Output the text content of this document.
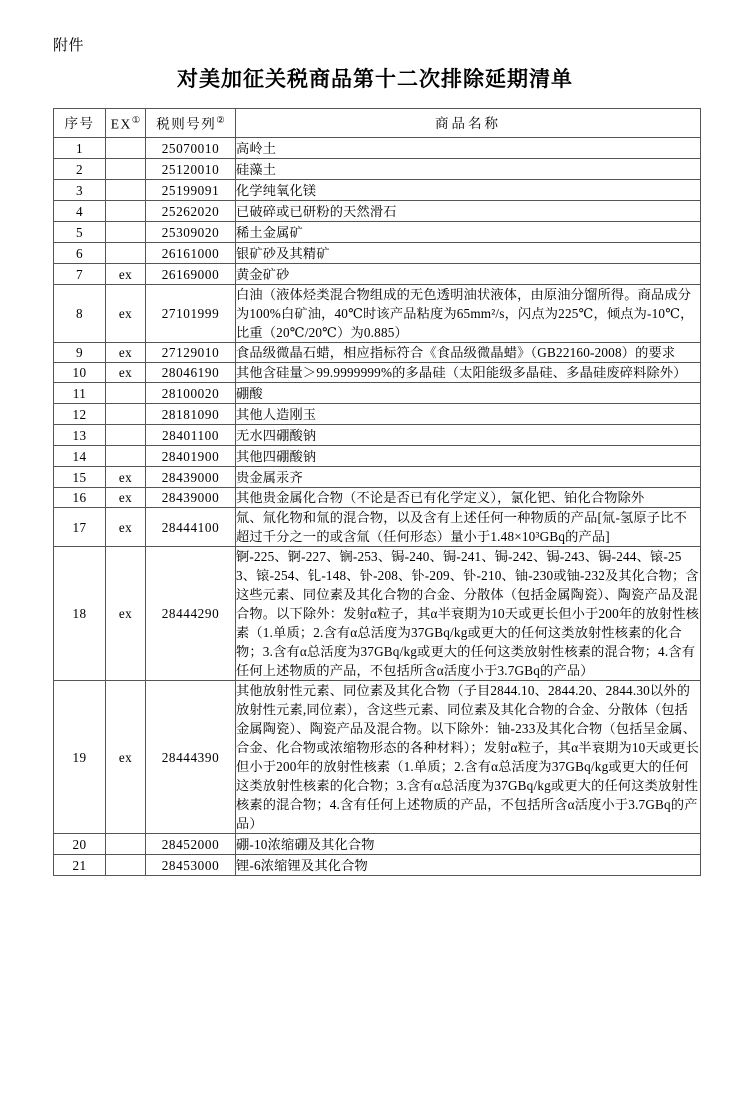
附件
对美加征关税商品第十二次排除延期清单
序号	EX①	税则号列②	商品名称
1		25070010	高岭土
2		25120010	硅藻土
3		25199091	化学纯氧化镁
4		25262020	已破碎或已研粉的天然滑石
5		25309020	稀土金属矿
6		26161000	银矿砂及其精矿
7	ex	26169000	黄金矿砂
8	ex	27101999	白油（液体烃类混合物组成的无色透明油状液体，由原油分馏所得。商品成分为100%白矿油，40℃时该产品粘度为65mm²/s，闪点为225℃，倾点为-10℃，比重（20℃/20℃）为0.885）
9	ex	27129010	食品级微晶石蜡，相应指标符合《食品级微晶蜡》（GB22160-2008）的要求
10	ex	28046190	其他含硅量＞99.9999999%的多晶硅（太阳能级多晶硅、多晶硅废碎料除外）
11		28100020	硼酸
12		28181090	其他人造刚玉
13		28401100	无水四硼酸钠
14		28401900	其他四硼酸钠
15	ex	28439000	贵金属汞齐
16	ex	28439000	其他贵金属化合物（不论是否已有化学定义），氯化钯、铂化合物除外
17	ex	28444100	氚、氚化物和氚的混合物，以及含有上述任何一种物质的产品[氚-氢原子比不超过千分之一的或含氚（任何形态）量小于1.48×10³GBq的产品]
18	ex	28444290	锕-225、锕-227、锎-253、锔-240、锔-241、锔-242、锔-243、锔-244、锿-253、锿-254、钆-148、钋-208、钋-209、钋-210、铀-230或铀-232及其化合物；含这些元素、同位素及其化合物的合金、分散体（包括金属陶瓷）、陶瓷产品及混合物。以下除外：发射α粒子，其α半衰期为10天或更长但小于200年的放射性核素（1.单质；2.含有α总活度为37GBq/kg或更大的任何这类放射性核素的化合物；3.含有α总活度为37GBq/kg或更大的任何这类放射性核素的混合物；4.含有任何上述物质的产品，不包括所含α活度小于3.7GBq的产品）
19	ex	28444390	其他放射性元素、同位素及其化合物（子目2844.10、2844.20、2844.30以外的放射性元素,同位素），含这些元素、同位素及其化合物的合金、分散体（包括金属陶瓷）、陶瓷产品及混合物。以下除外：铀-233及其化合物（包括呈金属、合金、化合物或浓缩物形态的各种材料）；发射α粒子，其α半衰期为10天或更长但小于200年的放射性核素（1.单质；2.含有α总活度为37GBq/kg或更大的任何这类放射性核素的化合物；3.含有α总活度为37GBq/kg或更大的任何这类放射性核素的混合物；4.含有任何上述物质的产品，不包括所含α活度小于3.7GBq的产品）
20		28452000	硼-10浓缩硼及其化合物
21		28453000	锂-6浓缩锂及其化合物
